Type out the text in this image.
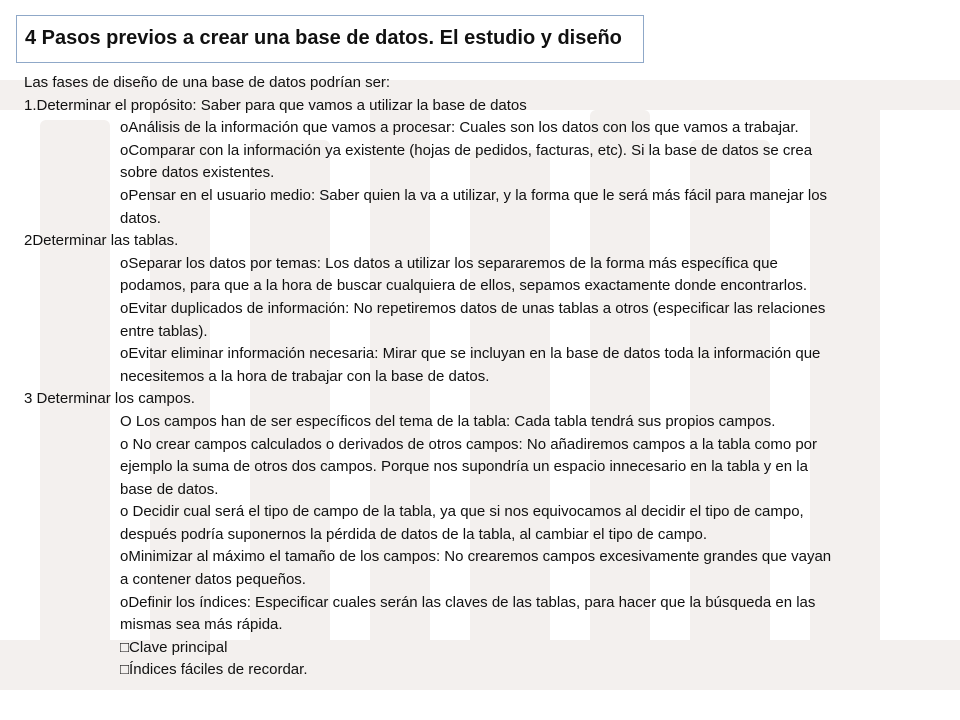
4 Pasos previos a crear una base de datos. El estudio y diseño
Las fases de diseño de una base de datos podrían ser:
1.Determinar el propósito: Saber para que vamos a utilizar la base de datos
oAnálisis de la información que vamos a procesar: Cuales son los datos con los que vamos a trabajar.
oComparar con la información ya existente (hojas de pedidos, facturas, etc). Si la base de datos se crea
sobre datos existentes.
oPensar en el usuario medio: Saber quien la va a utilizar, y la forma que le será más fácil para manejar los
datos.
2Determinar las tablas.
oSeparar los datos por temas: Los datos a utilizar los separaremos de la forma más específica que
podamos, para que a la hora de buscar cualquiera de ellos, sepamos exactamente donde encontrarlos.
oEvitar duplicados de información: No repetiremos datos de unas tablas a otros (especificar las relaciones
entre tablas).
oEvitar eliminar información necesaria: Mirar que se incluyan en la base de datos toda la información que
necesitemos a la hora de trabajar con la base de datos.
3 Determinar los campos.
O Los campos han de ser específicos del tema de la tabla: Cada tabla tendrá sus propios campos.
o No crear campos calculados o derivados de otros campos: No añadiremos campos a la tabla como por
ejemplo la suma de otros dos campos. Porque nos supondría un espacio innecesario en la tabla y en la
base de datos.
o Decidir cual será el tipo de campo de la tabla, ya que si nos equivocamos al decidir el tipo de campo,
después podría suponernos la pérdida de datos de la tabla, al cambiar el tipo de campo.
oMinimizar al máximo el tamaño de los campos: No crearemos campos excesivamente grandes que vayan
a contener datos pequeños.
oDefinir los índices: Especificar cuales serán las claves de las tablas, para hacer que la búsqueda en las
mismas sea más rápida.
□Clave principal
□Índices fáciles de recordar.
